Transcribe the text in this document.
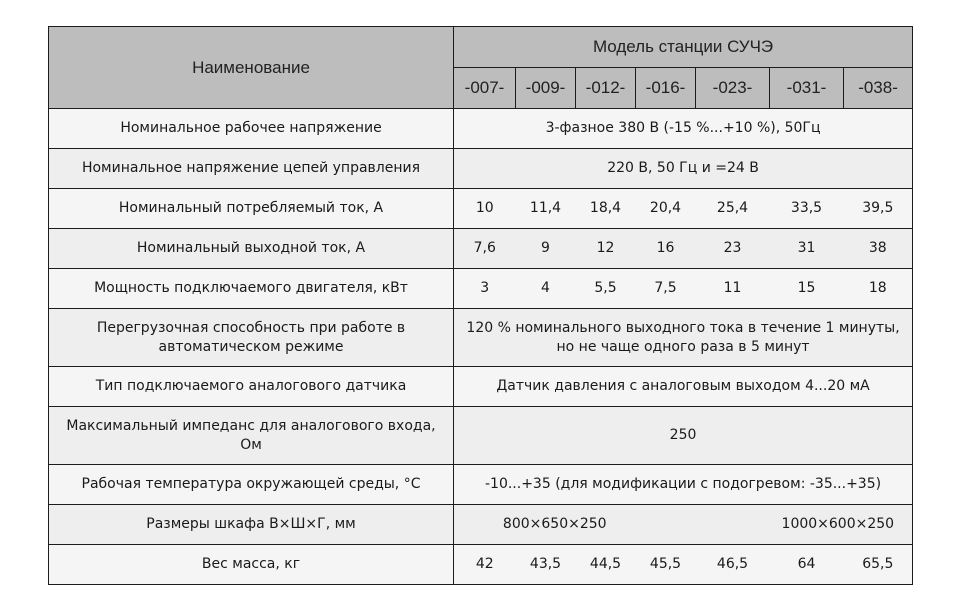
Наименование	Модель станции СУЧЭ						
	-007-	-009-	-012-	-016-	-023-	-031-	-038-
Номинальное рабочее напряжение	3-фазное 380 В (-15 %...+10 %), 50Гц						
Номинальное напряжение цепей управления	220 В, 50 Гц и =24 В						
Номинальный потребляемый ток, А	10	11,4	18,4	20,4	25,4	33,5	39,5
Номинальный выходной ток, А	7,6	9	12	16	23	31	38
Мощность подключаемого двигателя, кВт	3	4	5,5	7,5	11	15	18
Перегрузочная способность при работе в автоматическом режиме	120 % номинального выходного тока в течение 1 минуты, но не чаще одного раза в 5 минут						
Тип подключаемого аналогового датчика	Датчик давления с аналоговым выходом 4...20 мА						
Максимальный импеданс для аналогового входа, Ом	250						
Рабочая температура окружающей среды, °С	-10...+35 (для модификации с подогревом: -35...+35)						
Размеры шкафа В×Ш×Г, мм	800×650×250				1000×600×250		
Вес масса, кг	42	43,5	44,5	45,5	46,5	64	65,5
